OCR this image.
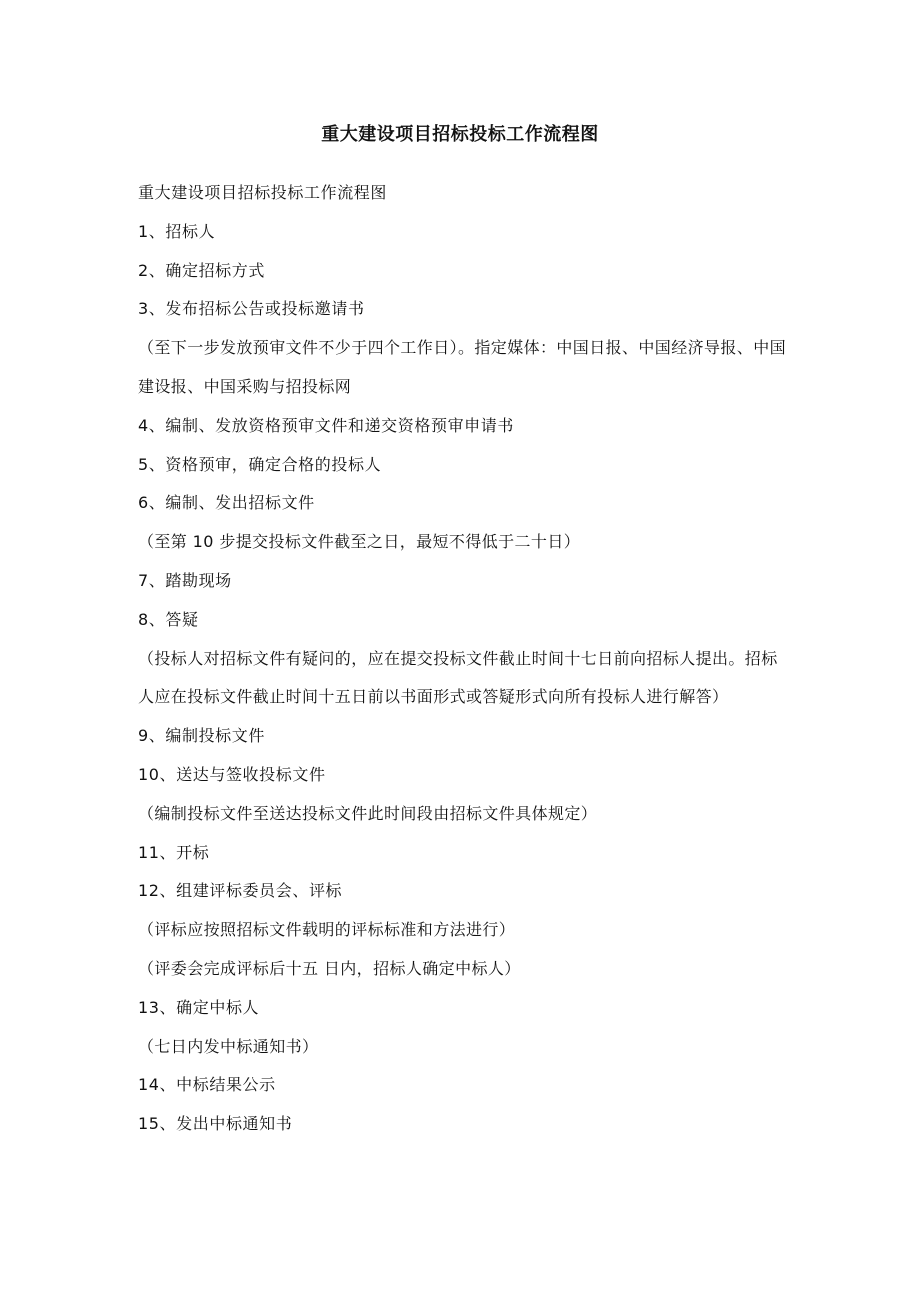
重大建设项目招标投标工作流程图
重大建设项目招标投标工作流程图
1、招标人
2、确定招标方式
3、发布招标公告或投标邀请书
（至下一步发放预审文件不少于四个工作日）。指定媒体：中国日报、中国经济导报、中国建设报、中国采购与招投标网
4、编制、发放资格预审文件和递交资格预审申请书
5、资格预审，确定合格的投标人
6、编制、发出招标文件
（至第 10 步提交投标文件截至之日，最短不得低于二十日）
7、踏勘现场
8、答疑
（投标人对招标文件有疑问的，应在提交投标文件截止时间十七日前向招标人提出。招标人应在投标文件截止时间十五日前以书面形式或答疑形式向所有投标人进行解答）
9、编制投标文件
10、送达与签收投标文件
（编制投标文件至送达投标文件此时间段由招标文件具体规定）
11、开标
12、组建评标委员会、评标
（评标应按照招标文件载明的评标标准和方法进行）
（评委会完成评标后十五 日内，招标人确定中标人）
13、确定中标人
（七日内发中标通知书）
14、中标结果公示
15、发出中标通知书
